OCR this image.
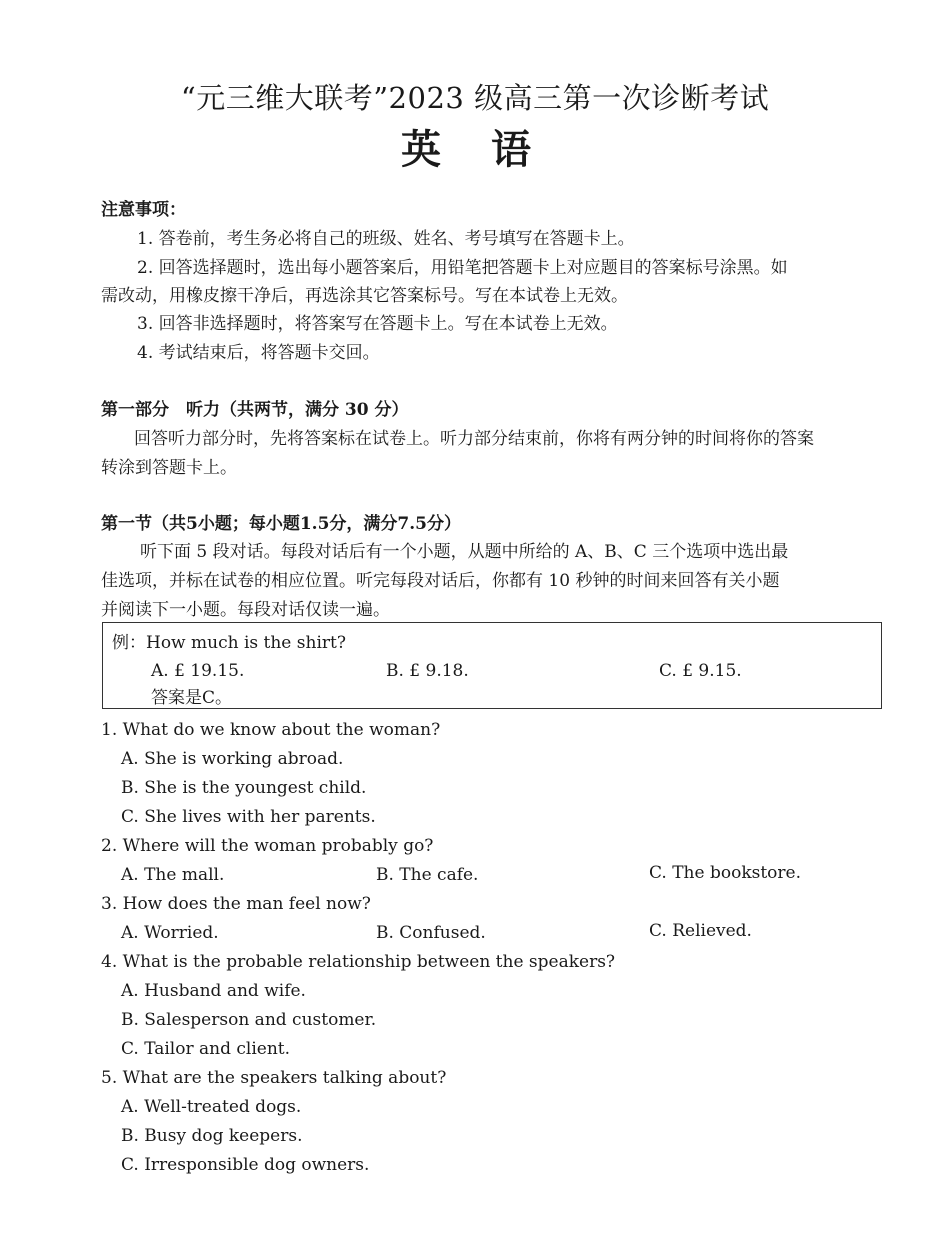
“元三维大联考”2023 级高三第一次诊断考试
英 语
注意事项：
1. 答卷前，考生务必将自己的班级、姓名、考号填写在答题卡上。
2. 回答选择题时，选出每小题答案后，用铅笔把答题卡上对应题目的答案标号涂黑。如
需改动，用橡皮擦干净后，再选涂其它答案标号。写在本试卷上无效。
3. 回答非选择题时，将答案写在答题卡上。写在本试卷上无效。
4. 考试结束后，将答题卡交回。
第一部分　听力（共两节，满分 30 分）
回答听力部分时，先将答案标在试卷上。听力部分结束前，你将有两分钟的时间将你的答案
转涂到答题卡上。
第一节（共5小题；每小题1.5分，满分7.5分）
听下面 5 段对话。每段对话后有一个小题，从题中所给的 A、B、C 三个选项中选出最
佳选项，并标在试卷的相应位置。听完每段对话后，你都有 10 秒钟的时间来回答有关小题
并阅读下一小题。每段对话仅读一遍。
例：How much is the shirt?
A. £ 19.15.	B. £ 9.18.	C. £ 9.15.
答案是C。
1. What do we know about the woman?
A. She is working abroad.
B. She is the youngest child.
C. She lives with her parents.
2. Where will the woman probably go?
A. The mall.	B. The cafe.	C. The bookstore.
3. How does the man feel now?
A. Worried.	B. Confused.	C. Relieved.
4. What is the probable relationship between the speakers?
A. Husband and wife.
B. Salesperson and customer.
C. Tailor and client.
5. What are the speakers talking about?
A. Well-treated dogs.
B. Busy dog keepers.
C. Irresponsible dog owners.
